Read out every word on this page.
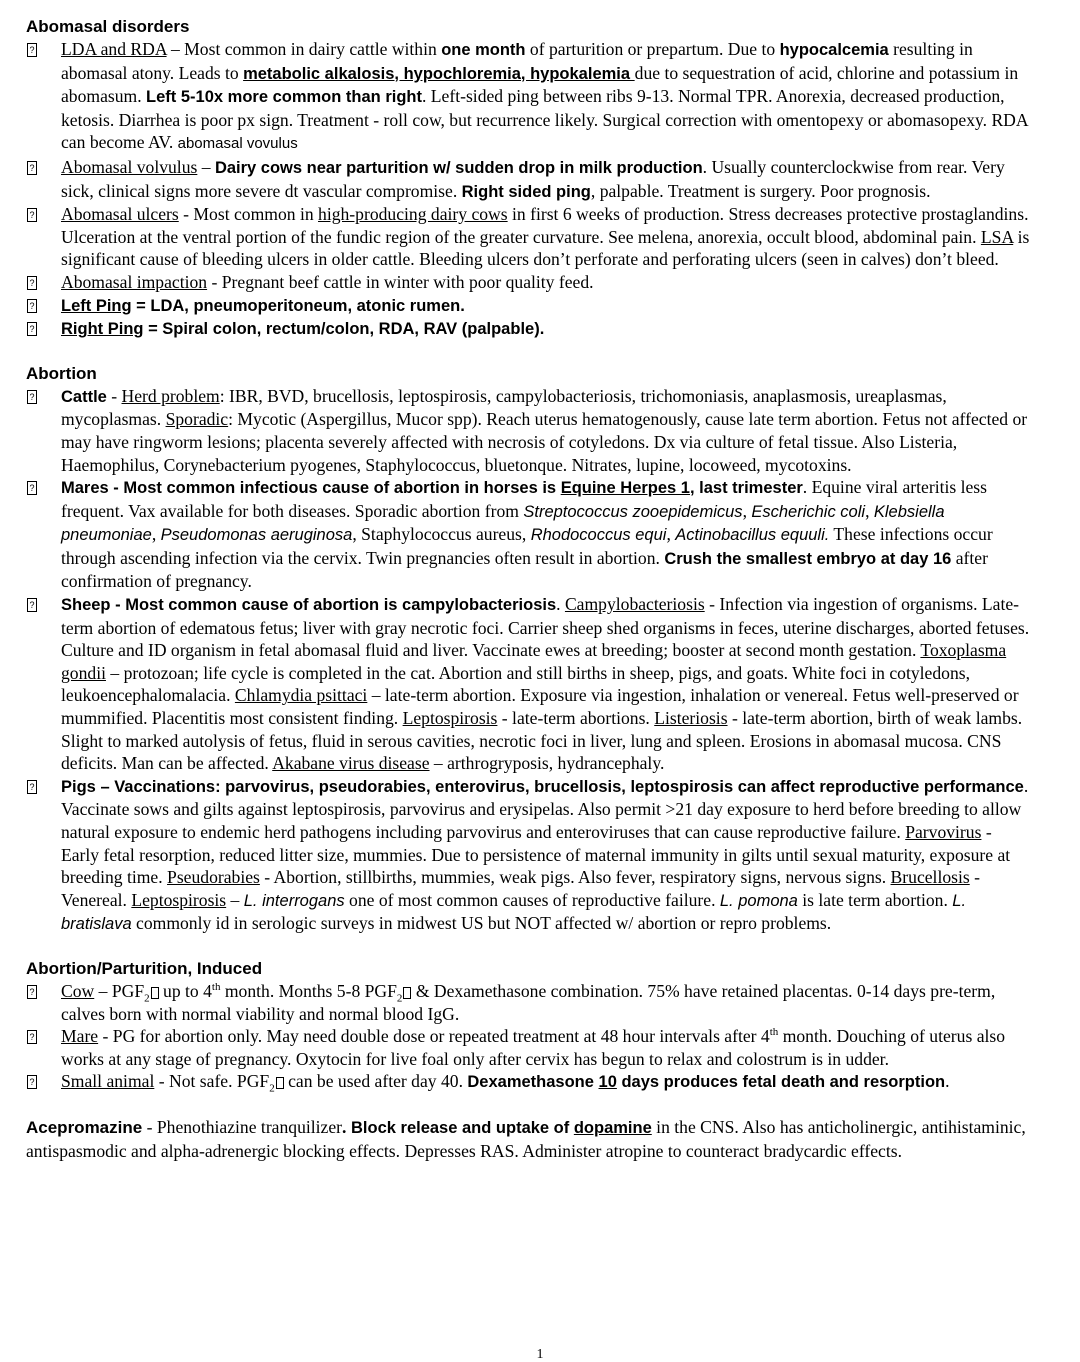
Abomasal disorders
? LDA and RDA – Most common in dairy cattle within one month of parturition or prepartum. Due to hypocalcemia resulting in abomasal atony. Leads to metabolic alkalosis, hypochloremia, hypokalemia due to sequestration of acid, chlorine and potassium in abomasum. Left 5-10x more common than right. Left-sided ping between ribs 9-13. Normal TPR. Anorexia, decreased production, ketosis. Diarrhea is poor px sign. Treatment - roll cow, but recurrence likely. Surgical correction with omentopexy or abomasopexy. RDA can become AV. abomasal vovulus
? Abomasal volvulus – Dairy cows near parturition w/ sudden drop in milk production. Usually counterclockwise from rear. Very sick, clinical signs more severe dt vascular compromise. Right sided ping, palpable. Treatment is surgery. Poor prognosis.
? Abomasal ulcers - Most common in high-producing dairy cows in first 6 weeks of production. Stress decreases protective prostaglandins. Ulceration at the ventral portion of the fundic region of the greater curvature. See melena, anorexia, occult blood, abdominal pain. LSA is significant cause of bleeding ulcers in older cattle. Bleeding ulcers don’t perforate and perforating ulcers (seen in calves) don’t bleed.
? Abomasal impaction - Pregnant beef cattle in winter with poor quality feed.
? Left Ping = LDA, pneumoperitoneum, atonic rumen.
? Right Ping = Spiral colon, rectum/colon, RDA, RAV (palpable).
Abortion
? Cattle - Herd problem: IBR, BVD, brucellosis, leptospirosis, campylobacteriosis, trichomoniasis, anaplasmosis, ureaplasmas, mycoplasmas. Sporadic: Mycotic (Aspergillus, Mucor spp). Reach uterus hematogenously, cause late term abortion. Fetus not affected or may have ringworm lesions; placenta severely affected with necrosis of cotyledons. Dx via culture of fetal tissue. Also Listeria, Haemophilus, Corynebacterium pyogenes, Staphylococcus, bluetonque. Nitrates, lupine, locoweed, mycotoxins.
? Mares - Most common infectious cause of abortion in horses is Equine Herpes 1, last trimester. Equine viral arteritis less frequent. Vax available for both diseases. Sporadic abortion from Streptococcus zooepidemicus, Escherichic coli, Klebsiella pneumoniae, Pseudomonas aeruginosa, Staphylococcus aureus, Rhodococcus equi, Actinobacillus equuli. These infections occur through ascending infection via the cervix. Twin pregnancies often result in abortion. Crush the smallest embryo at day 16 after confirmation of pregnancy.
? Sheep - Most common cause of abortion is campylobacteriosis. Campylobacteriosis - Infection via ingestion of organisms. Late-term abortion of edematous fetus; liver with gray necrotic foci. Carrier sheep shed organisms in feces, uterine discharges, aborted fetuses. Culture and ID organism in fetal abomasal fluid and liver. Vaccinate ewes at breeding; booster at second month gestation. Toxoplasma gondii – protozoan; life cycle is completed in the cat. Abortion and still births in sheep, pigs, and goats. White foci in cotyledons, leukoencephalomalacia. Chlamydia psittaci – late-term abortion. Exposure via ingestion, inhalation or venereal. Fetus well-preserved or mummified. Placentitis most consistent finding. Leptospirosis - late-term abortions. Listeriosis - late-term abortion, birth of weak lambs. Slight to marked autolysis of fetus, fluid in serous cavities, necrotic foci in liver, lung and spleen. Erosions in abomasal mucosa. CNS deficits. Man can be affected. Akabane virus disease – arthrogryposis, hydrancephaly.
? Pigs – Vaccinations: parvovirus, pseudorabies, enterovirus, brucellosis, leptospirosis can affect reproductive performance. Vaccinate sows and gilts against leptospirosis, parvovirus and erysipelas. Also permit >21 day exposure to herd before breeding to allow natural exposure to endemic herd pathogens including parvovirus and enteroviruses that can cause reproductive failure. Parvovirus - Early fetal resorption, reduced litter size, mummies. Due to persistence of maternal immunity in gilts until sexual maturity, exposure at breeding time. Pseudorabies - Abortion, stillbirths, mummies, weak pigs. Also fever, respiratory signs, nervous signs. Brucellosis - Venereal. Leptospirosis – L. interrogans one of most common causes of reproductive failure. L. pomona is late term abortion. L. bratislava commonly id in serologic surveys in midwest US but NOT affected w/ abortion or repro problems.
Abortion/Parturition, Induced
? Cow – $PGF_2$ up to 4th month. Months 5-8 $PGF_2$ & Dexamethasone combination. 75% have retained placentas. 0-14 days pre-term, calves born with normal viability and normal blood IgG.
? Mare - PG for abortion only. May need double dose or repeated treatment at 48 hour intervals after 4th month. Douching of uterus also works at any stage of pregnancy. Oxytocin for live foal only after cervix has begun to relax and colostrum is in udder.
? Small animal - Not safe. $PGF_2$ can be used after day 40. Dexamethasone 10 days produces fetal death and resorption.

Acepromazine - Phenothiazine tranquilizer. Block release and uptake of dopamine in the CNS. Also has anticholinergic, antihistaminic, antispasmodic and alpha-adrenergic blocking effects. Depresses RAS. Administer atropine to counteract bradycardic effects.

1
